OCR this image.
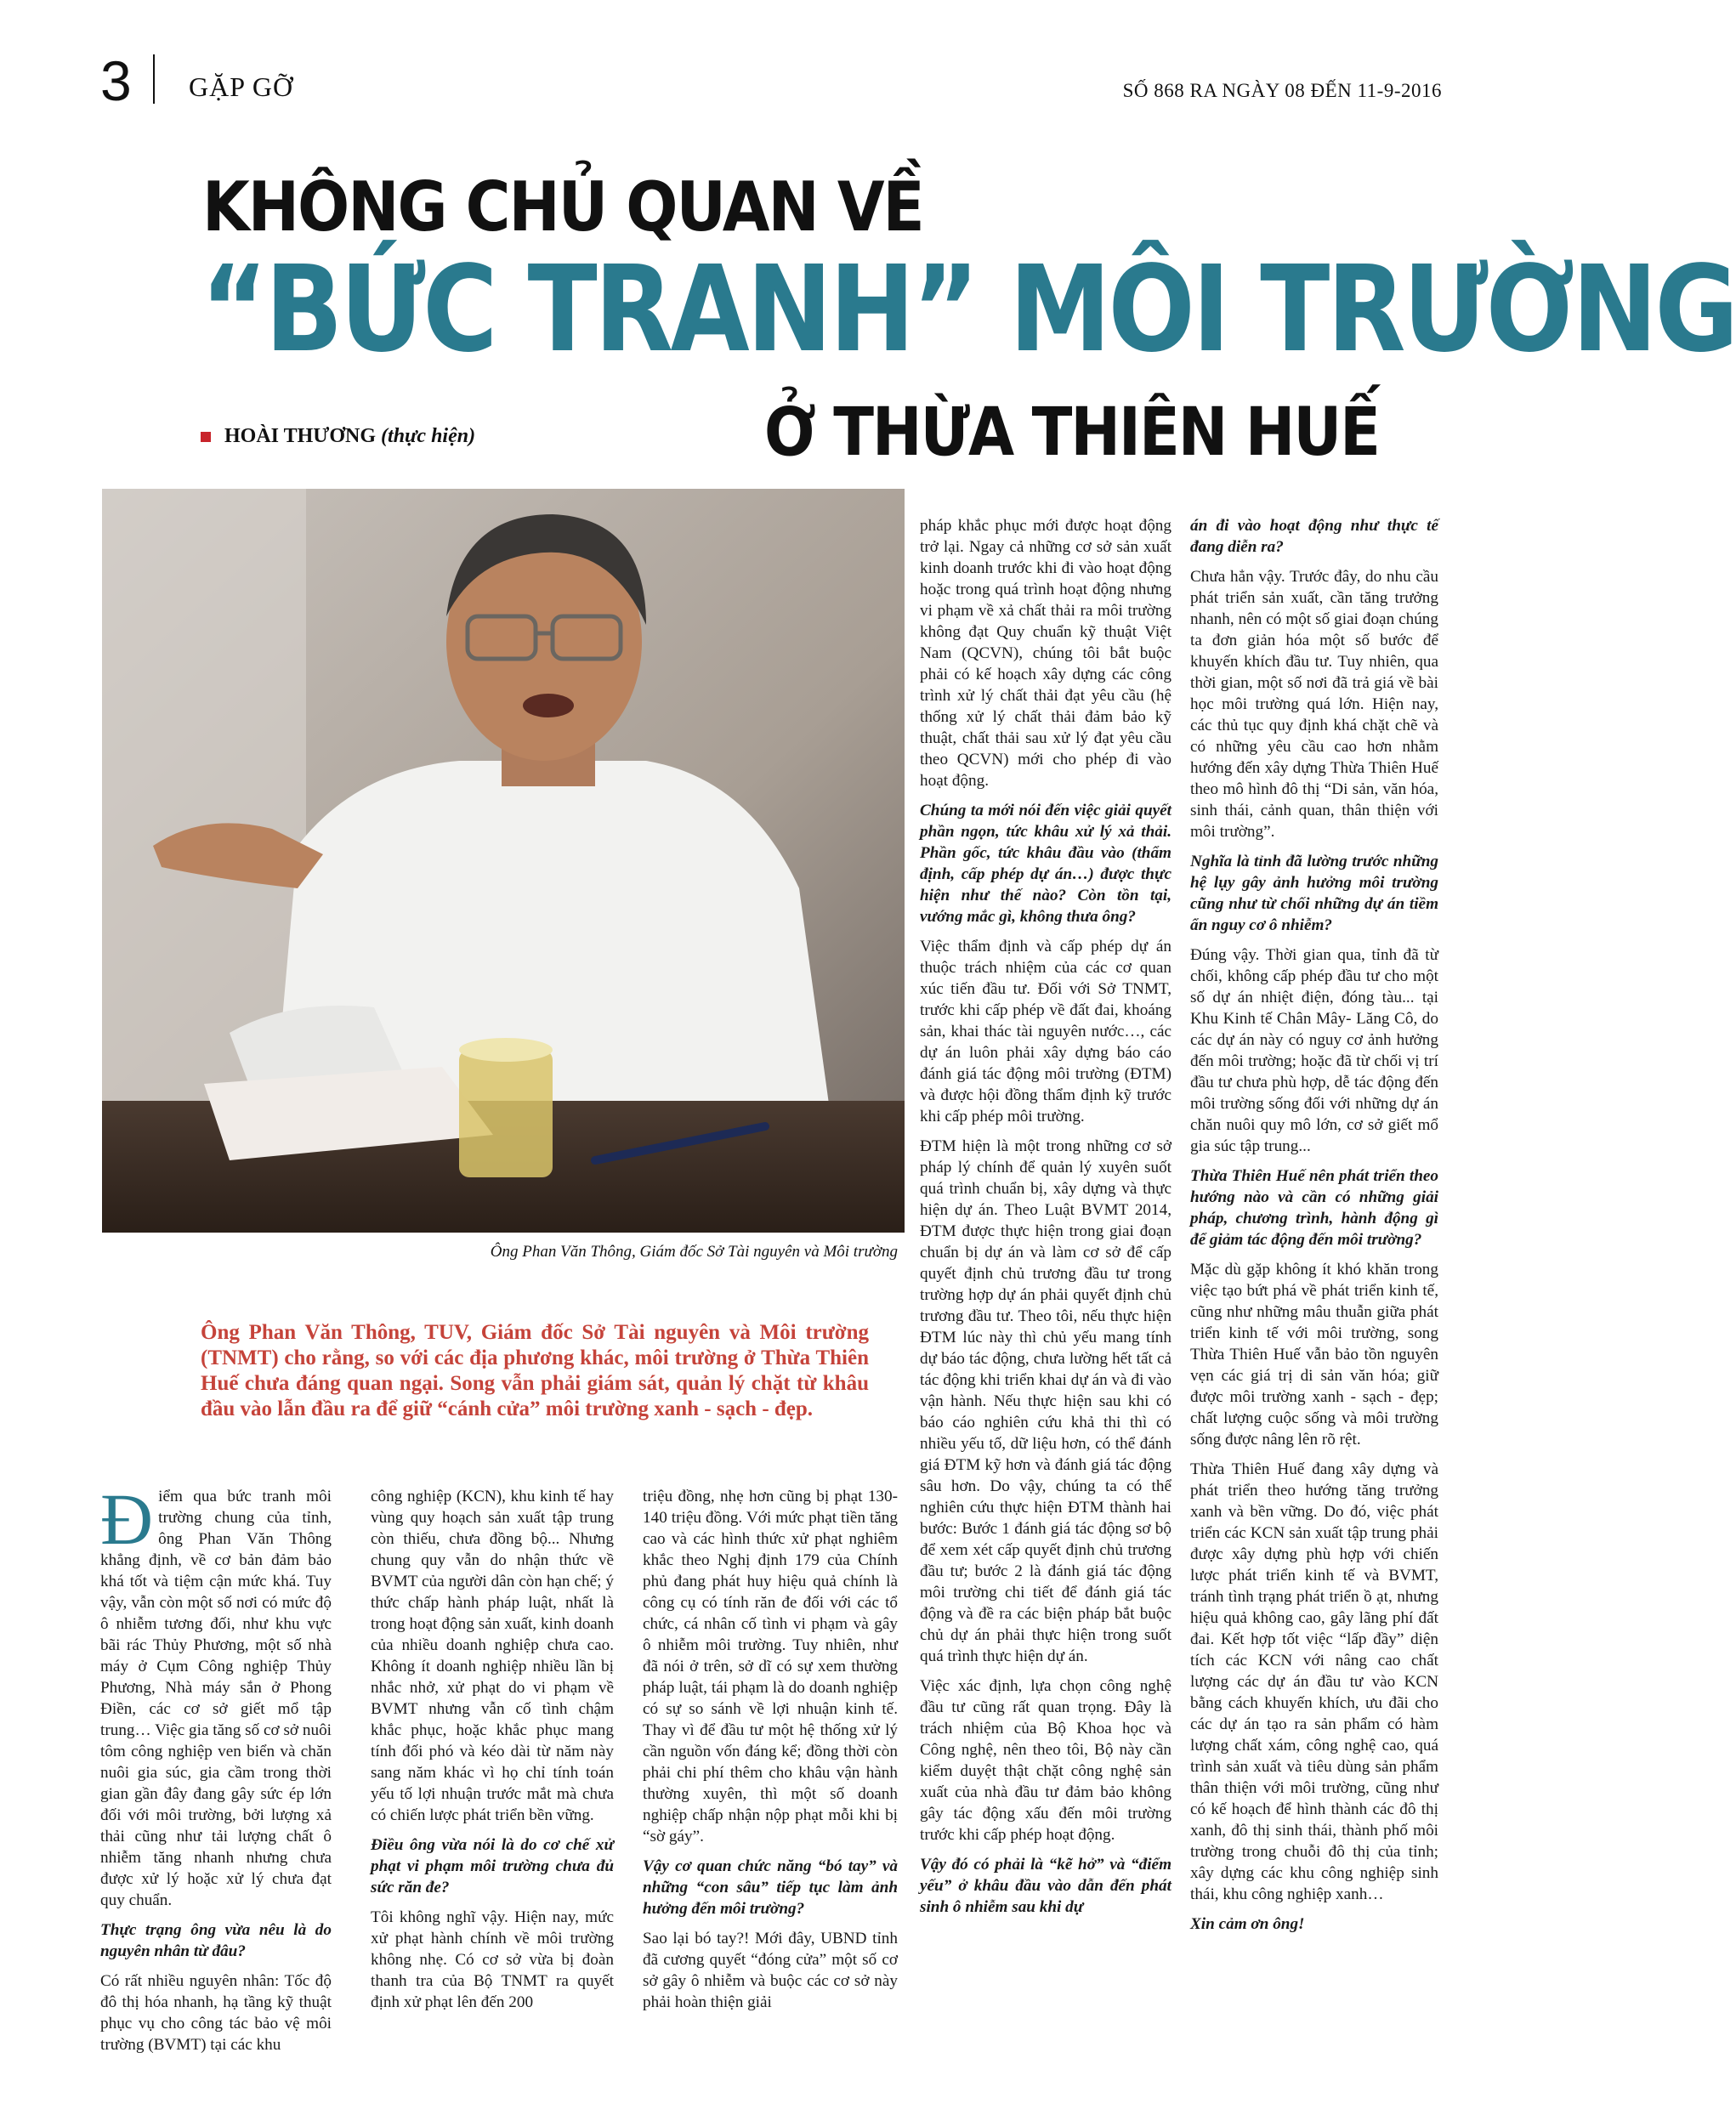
3 GẶP GỠ	SỐ 868 RA NGÀY 08 ĐẾN 11-9-2016
KHÔNG CHỦ QUAN VỀ
“BỨC TRANH” MÔI TRƯỜNG
Ở THỪA THIÊN HUẾ
HOÀI THƯƠNG (thực hiện)
Ông Phan Văn Thông, Giám đốc Sở Tài nguyên và Môi trường
Ông Phan Văn Thông, TUV, Giám đốc Sở Tài nguyên và Môi trường (TNMT) cho rằng, so với các địa phương khác, môi trường ở Thừa Thiên Huế chưa đáng quan ngại. Song vẫn phải giám sát, quản lý chặt từ khâu đầu vào lẫn đầu ra để giữ “cánh cửa” môi trường xanh - sạch - đẹp.

Điểm qua bức tranh môi trường chung của tỉnh, ông Phan Văn Thông khẳng định, về cơ bản đảm bảo khá tốt và tiệm cận mức khá. Tuy vậy, vẫn còn một số nơi có mức độ ô nhiễm tương đối, như khu vực bãi rác Thủy Phương, một số nhà máy ở Cụm Công nghiệp Thủy Phương, Nhà máy sắn ở Phong Điền, các cơ sở giết mổ tập trung… Việc gia tăng số cơ sở nuôi tôm công nghiệp ven biển và chăn nuôi gia súc, gia cầm trong thời gian gần đây đang gây sức ép lớn đối với môi trường, bởi lượng xả thải cũng như tải lượng chất ô nhiễm tăng nhanh nhưng chưa được xử lý hoặc xử lý chưa đạt quy chuẩn.

Thực trạng ông vừa nêu là do nguyên nhân từ đâu?

Có rất nhiều nguyên nhân: Tốc độ đô thị hóa nhanh, hạ tầng kỹ thuật phục vụ cho công tác bảo vệ môi trường (BVMT) tại các khu

công nghiệp (KCN), khu kinh tế hay vùng quy hoạch sản xuất tập trung còn thiếu, chưa đồng bộ... Nhưng chung quy vẫn do nhận thức về BVMT của người dân còn hạn chế; ý thức chấp hành pháp luật, nhất là trong hoạt động sản xuất, kinh doanh của nhiều doanh nghiệp chưa cao. Không ít doanh nghiệp nhiều lần bị nhắc nhở, xử phạt do vi phạm về BVMT nhưng vẫn cố tình chậm khắc phục, hoặc khắc phục mang tính đối phó và kéo dài từ năm này sang năm khác vì họ chỉ tính toán yếu tố lợi nhuận trước mắt mà chưa có chiến lược phát triển bền vững.

Điều ông vừa nói là do cơ chế xử phạt vi phạm môi trường chưa đủ sức răn đe?

Tôi không nghĩ vậy. Hiện nay, mức xử phạt hành chính về môi trường không nhẹ. Có cơ sở vừa bị đoàn thanh tra của Bộ TNMT ra quyết định xử phạt lên đến 200

triệu đồng, nhẹ hơn cũng bị phạt 130-140 triệu đồng. Với mức phạt tiền tăng cao và các hình thức xử phạt nghiêm khắc theo Nghị định 179 của Chính phủ đang phát huy hiệu quả chính là công cụ có tính răn đe đối với các tổ chức, cá nhân cố tình vi phạm và gây ô nhiễm môi trường. Tuy nhiên, như đã nói ở trên, sở dĩ có sự xem thường pháp luật, tái phạm là do doanh nghiệp có sự so sánh về lợi nhuận kinh tế. Thay vì để đầu tư một hệ thống xử lý cần nguồn vốn đáng kể; đồng thời còn phải chi phí thêm cho khâu vận hành thường xuyên, thì một số doanh nghiệp chấp nhận nộp phạt mỗi khi bị “sờ gáy”.

Vậy cơ quan chức năng “bó tay” và những “con sâu” tiếp tục làm ảnh hưởng đến môi trường?

Sao lại bó tay?! Mới đây, UBND tỉnh đã cương quyết “đóng cửa” một số cơ sở gây ô nhiễm và buộc các cơ sở này phải hoàn thiện giải

pháp khắc phục mới được hoạt động trở lại. Ngay cả những cơ sở sản xuất kinh doanh trước khi đi vào hoạt động hoặc trong quá trình hoạt động nhưng vi phạm về xả chất thải ra môi trường không đạt Quy chuẩn kỹ thuật Việt Nam (QCVN), chúng tôi bắt buộc phải có kế hoạch xây dựng các công trình xử lý chất thải đạt yêu cầu (hệ thống xử lý chất thải đảm bảo kỹ thuật, chất thải sau xử lý đạt yêu cầu theo QCVN) mới cho phép đi vào hoạt động.

Chúng ta mới nói đến việc giải quyết phần ngọn, tức khâu xử lý xả thải. Phần gốc, tức khâu đầu vào (thẩm định, cấp phép dự án…) được thực hiện như thế nào? Còn tồn tại, vướng mắc gì, không thưa ông?

Việc thẩm định và cấp phép dự án thuộc trách nhiệm của các cơ quan xúc tiến đầu tư. Đối với Sở TNMT, trước khi cấp phép về đất đai, khoáng sản, khai thác tài nguyên nước…, các dự án luôn phải xây dựng báo cáo đánh giá tác động môi trường (ĐTM) và được hội đồng thẩm định kỹ trước khi cấp phép môi trường.

ĐTM hiện là một trong những cơ sở pháp lý chính để quản lý xuyên suốt quá trình chuẩn bị, xây dựng và thực hiện dự án. Theo Luật BVMT 2014, ĐTM được thực hiện trong giai đoạn chuẩn bị dự án và làm cơ sở để cấp quyết định chủ trương đầu tư trong trường hợp dự án phải quyết định chủ trương đầu tư. Theo tôi, nếu thực hiện ĐTM lúc này thì chủ yếu mang tính dự báo tác động, chưa lường hết tất cả tác động khi triển khai dự án và đi vào vận hành. Nếu thực hiện sau khi có báo cáo nghiên cứu khả thi thì có nhiều yếu tố, dữ liệu hơn, có thể đánh giá ĐTM kỹ hơn và đánh giá tác động sâu hơn. Do vậy, chúng ta có thể nghiên cứu thực hiện ĐTM thành hai bước: Bước 1 đánh giá tác động sơ bộ để xem xét cấp quyết định chủ trương đầu tư; bước 2 là đánh giá tác động môi trường chi tiết để đánh giá tác động và đề ra các biện pháp bắt buộc chủ dự án phải thực hiện trong suốt quá trình thực hiện dự án.

Việc xác định, lựa chọn công nghệ đầu tư cũng rất quan trọng. Đây là trách nhiệm của Bộ Khoa học và Công nghệ, nên theo tôi, Bộ này cần kiểm duyệt thật chặt công nghệ sản xuất của nhà đầu tư đảm bảo không gây tác động xấu đến môi trường trước khi cấp phép hoạt động.

Vậy đó có phải là “kẽ hở” và “điểm yếu” ở khâu đầu vào dẫn đến phát sinh ô nhiễm sau khi dự

án đi vào hoạt động như thực tế đang diễn ra?

Chưa hẳn vậy. Trước đây, do nhu cầu phát triển sản xuất, cần tăng trưởng nhanh, nên có một số giai đoạn chúng ta đơn giản hóa một số bước để khuyến khích đầu tư. Tuy nhiên, qua thời gian, một số nơi đã trả giá về bài học môi trường quá lớn. Hiện nay, các thủ tục quy định khá chặt chẽ và có những yêu cầu cao hơn nhằm hướng đến xây dựng Thừa Thiên Huế theo mô hình đô thị “Di sản, văn hóa, sinh thái, cảnh quan, thân thiện với môi trường”.

Nghĩa là tỉnh đã lường trước những hệ lụy gây ảnh hưởng môi trường cũng như từ chối những dự án tiềm ẩn nguy cơ ô nhiễm?

Đúng vậy. Thời gian qua, tỉnh đã từ chối, không cấp phép đầu tư cho một số dự án nhiệt điện, đóng tàu... tại Khu Kinh tế Chân Mây- Lăng Cô, do các dự án này có nguy cơ ảnh hưởng đến môi trường; hoặc đã từ chối vị trí đầu tư chưa phù hợp, dễ tác động đến môi trường sống đối với những dự án chăn nuôi quy mô lớn, cơ sở giết mổ gia súc tập trung...

Thừa Thiên Huế nên phát triển theo hướng nào và cần có những giải pháp, chương trình, hành động gì để giảm tác động đến môi trường?

Mặc dù gặp không ít khó khăn trong việc tạo bứt phá về phát triển kinh tế, cũng như những mâu thuẫn giữa phát triển kinh tế với môi trường, song Thừa Thiên Huế vẫn bảo tồn nguyên vẹn các giá trị di sản văn hóa; giữ được môi trường xanh - sạch - đẹp; chất lượng cuộc sống và môi trường sống được nâng lên rõ rệt.

Thừa Thiên Huế đang xây dựng và phát triển theo hướng tăng trưởng xanh và bền vững. Do đó, việc phát triển các KCN sản xuất tập trung phải được xây dựng phù hợp với chiến lược phát triển kinh tế và BVMT, tránh tình trạng phát triển ồ ạt, nhưng hiệu quả không cao, gây lãng phí đất đai. Kết hợp tốt việc “lấp đầy” diện tích các KCN với nâng cao chất lượng các dự án đầu tư vào KCN bằng cách khuyến khích, ưu đãi cho các dự án tạo ra sản phẩm có hàm lượng chất xám, công nghệ cao, quá trình sản xuất và tiêu dùng sản phẩm thân thiện với môi trường, cũng như có kế hoạch để hình thành các đô thị xanh, đô thị sinh thái, thành phố môi trường trong chuỗi đô thị của tỉnh; xây dựng các khu công nghiệp sinh thái, khu công nghiệp xanh…

Xin cảm ơn ông!
